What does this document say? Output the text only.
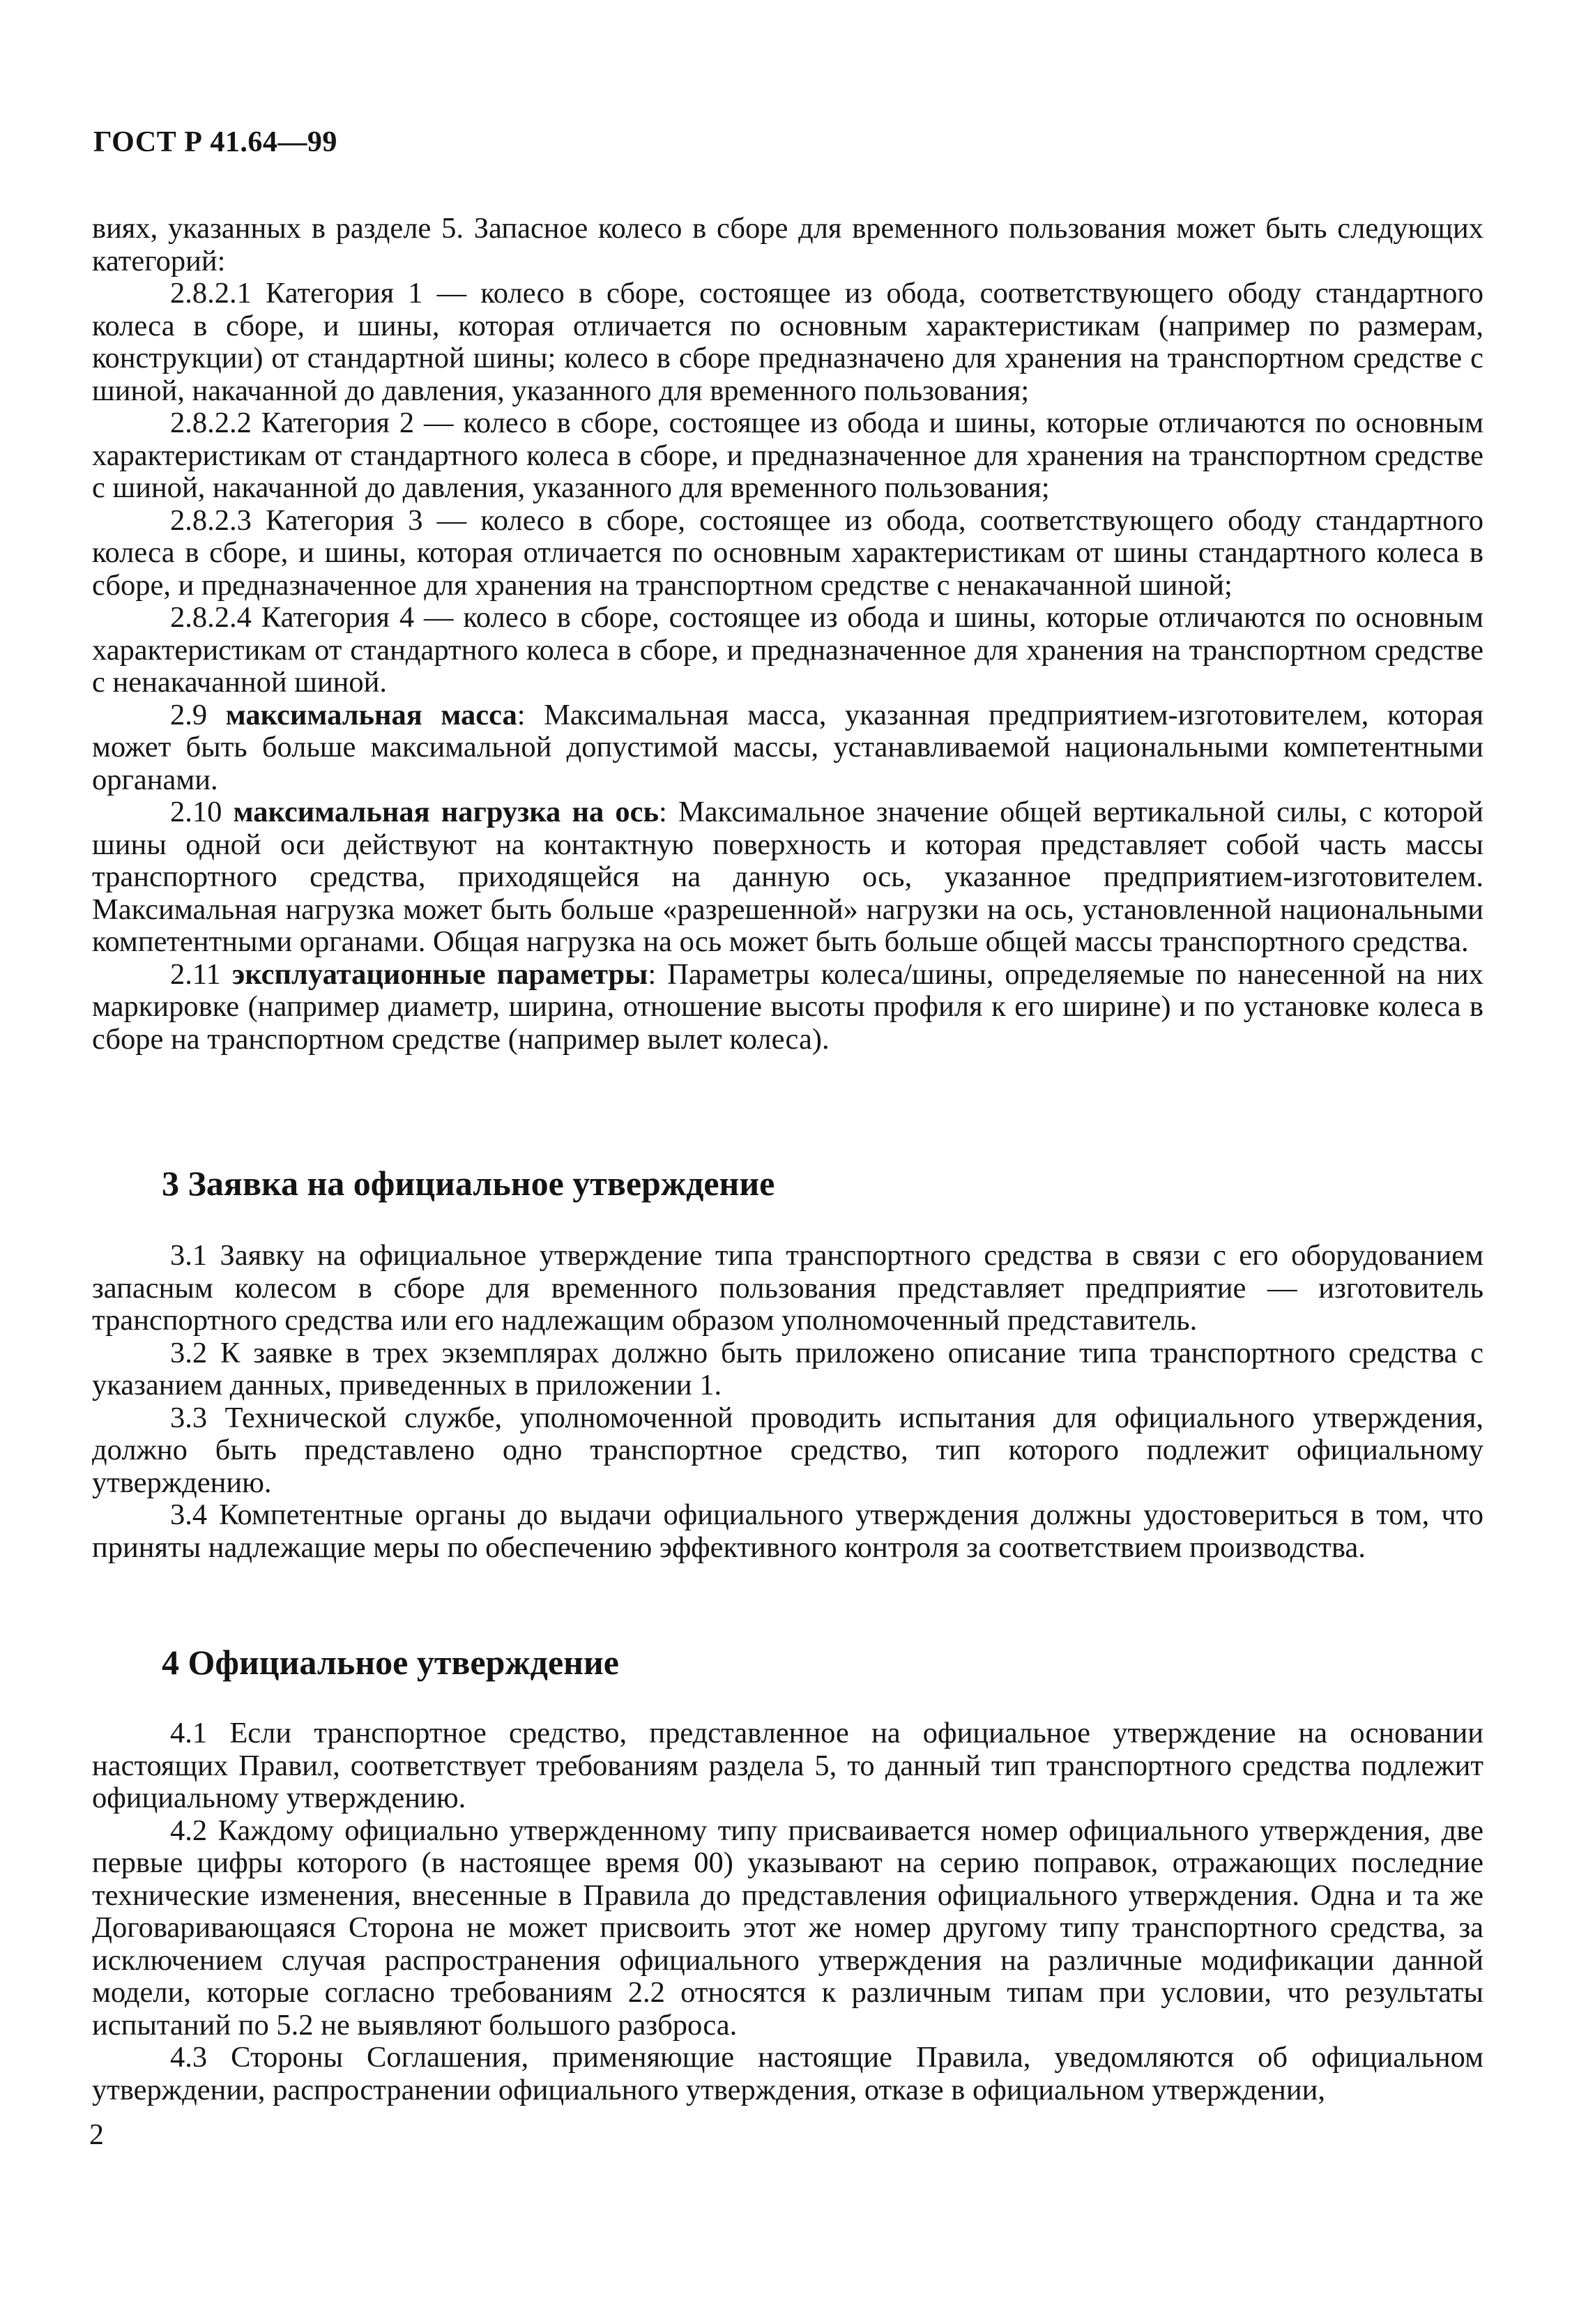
ГОСТ Р 41.64—99

виях, указанных в разделе 5. Запасное колесо в сборе для временного пользования может быть следующих категорий:

2.8.2.1 Категория 1 — колесо в сборе, состоящее из обода, соответствующего ободу стандартного колеса в сборе, и шины, которая отличается по основным характеристикам (например по размерам, конструкции) от стандартной шины; колесо в сборе предназначено для хранения на транспортном средстве с шиной, накачанной до давления, указанного для временного пользования;

2.8.2.2 Категория 2 — колесо в сборе, состоящее из обода и шины, которые отличаются по основным характеристикам от стандартного колеса в сборе, и предназначенное для хранения на транспортном средстве с шиной, накачанной до давления, указанного для временного пользования;

2.8.2.3 Категория 3 — колесо в сборе, состоящее из обода, соответствующего ободу стандартного колеса в сборе, и шины, которая отличается по основным характеристикам от шины стандартного колеса в сборе, и предназначенное для хранения на транспортном средстве с ненакачанной шиной;

2.8.2.4 Категория 4 — колесо в сборе, состоящее из обода и шины, которые отличаются по основным характеристикам от стандартного колеса в сборе, и предназначенное для хранения на транспортном средстве с ненакачанной шиной.

2.9 максимальная масса: Максимальная масса, указанная предприятием-изготовителем, которая может быть больше максимальной допустимой массы, устанавливаемой национальными компетентными органами.

2.10 максимальная нагрузка на ось: Максимальное значение общей вертикальной силы, с которой шины одной оси действуют на контактную поверхность и которая представляет собой часть массы транспортного средства, приходящейся на данную ось, указанное предприятием-изготовителем. Максимальная нагрузка может быть больше «разрешенной» нагрузки на ось, установленной национальными компетентными органами. Общая нагрузка на ось может быть больше общей массы транспортного средства.

2.11 эксплуатационные параметры: Параметры колеса/шины, определяемые по нанесенной на них маркировке (например диаметр, ширина, отношение высоты профиля к его ширине) и по установке колеса в сборе на транспортном средстве (например вылет колеса).

3 Заявка на официальное утверждение

3.1 Заявку на официальное утверждение типа транспортного средства в связи с его оборудованием запасным колесом в сборе для временного пользования представляет предприятие — изготовитель транспортного средства или его надлежащим образом уполномоченный представитель.

3.2 К заявке в трех экземплярах должно быть приложено описание типа транспортного средства с указанием данных, приведенных в приложении 1.

3.3 Технической службе, уполномоченной проводить испытания для официального утверждения, должно быть представлено одно транспортное средство, тип которого подлежит официальному утверждению.

3.4 Компетентные органы до выдачи официального утверждения должны удостовериться в том, что приняты надлежащие меры по обеспечению эффективного контроля за соответствием производства.

4 Официальное утверждение

4.1 Если транспортное средство, представленное на официальное утверждение на основании настоящих Правил, соответствует требованиям раздела 5, то данный тип транспортного средства подлежит официальному утверждению.

4.2 Каждому официально утвержденному типу присваивается номер официального утверждения, две первые цифры которого (в настоящее время 00) указывают на серию поправок, отражающих последние технические изменения, внесенные в Правила до представления официального утверждения. Одна и та же Договаривающаяся Сторона не может присвоить этот же номер другому типу транспортного средства, за исключением случая распространения официального утверждения на различные модификации данной модели, которые согласно требованиям 2.2 относятся к различным типам при условии, что результаты испытаний по 5.2 не выявляют большого разброса.

4.3 Стороны Соглашения, применяющие настоящие Правила, уведомляются об официальном утверждении, распространении официального утверждения, отказе в официальном утверждении,

2
